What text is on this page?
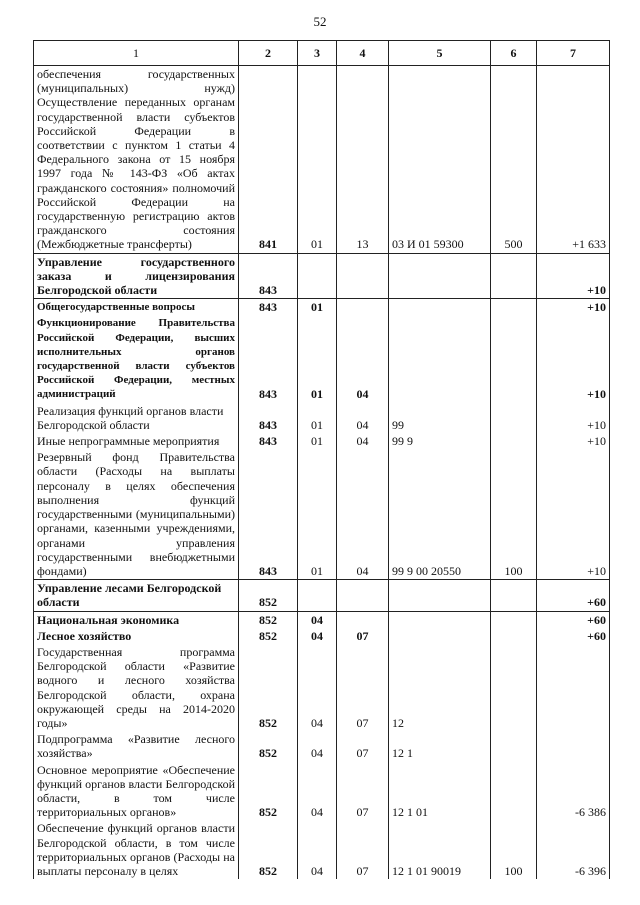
52
1	2	3	4	5	6	7
обеспечения государственных (муниципальных) нужд) Осуществление переданных органам государственной власти субъектов Российской Федерации в соответствии с пунктом 1 статьи 4 Федерального закона от 15 ноября 1997 года № 143-ФЗ «Об актах гражданского состояния» полномочий Российской Федерации на государственную регистрацию актов гражданского состояния (Межбюджетные трансферты)	841	01	13	03 И 01 59300	500	+1 633
Управление государственного заказа и лицензирования Белгородской области	843					+10
Общегосударственные вопросы	843	01				+10
Функционирование Правительства Российской Федерации, высших исполнительных органов государственной власти субъектов Российской Федерации, местных администраций	843	01	04			+10
Реализация функций органов власти Белгородской области	843	01	04	99		+10
Иные непрограммные мероприятия	843	01	04	99 9		+10
Резервный фонд Правительства области (Расходы на выплаты персоналу в целях обеспечения выполнения функций государственными (муниципальными) органами, казенными учреждениями, органами управления государственными внебюджетными фондами)	843	01	04	99 9 00 20550	100	+10
Управление лесами Белгородской области	852					+60
Национальная экономика	852	04				+60
Лесное хозяйство	852	04	07			+60
Государственная программа Белгородской области «Развитие водного и лесного хозяйства Белгородской области, охрана окружающей среды на 2014-2020 годы»	852	04	07	12		
Подпрограмма «Развитие лесного хозяйства»	852	04	07	12 1		
Основное мероприятие «Обеспечение функций органов власти Белгородской области, в том числе территориальных органов»	852	04	07	12 1 01		-6 386
Обеспечение функций органов власти Белгородской области, в том числе территориальных органов (Расходы на выплаты персоналу в целях	852	04	07	12 1 01 90019	100	-6 396
